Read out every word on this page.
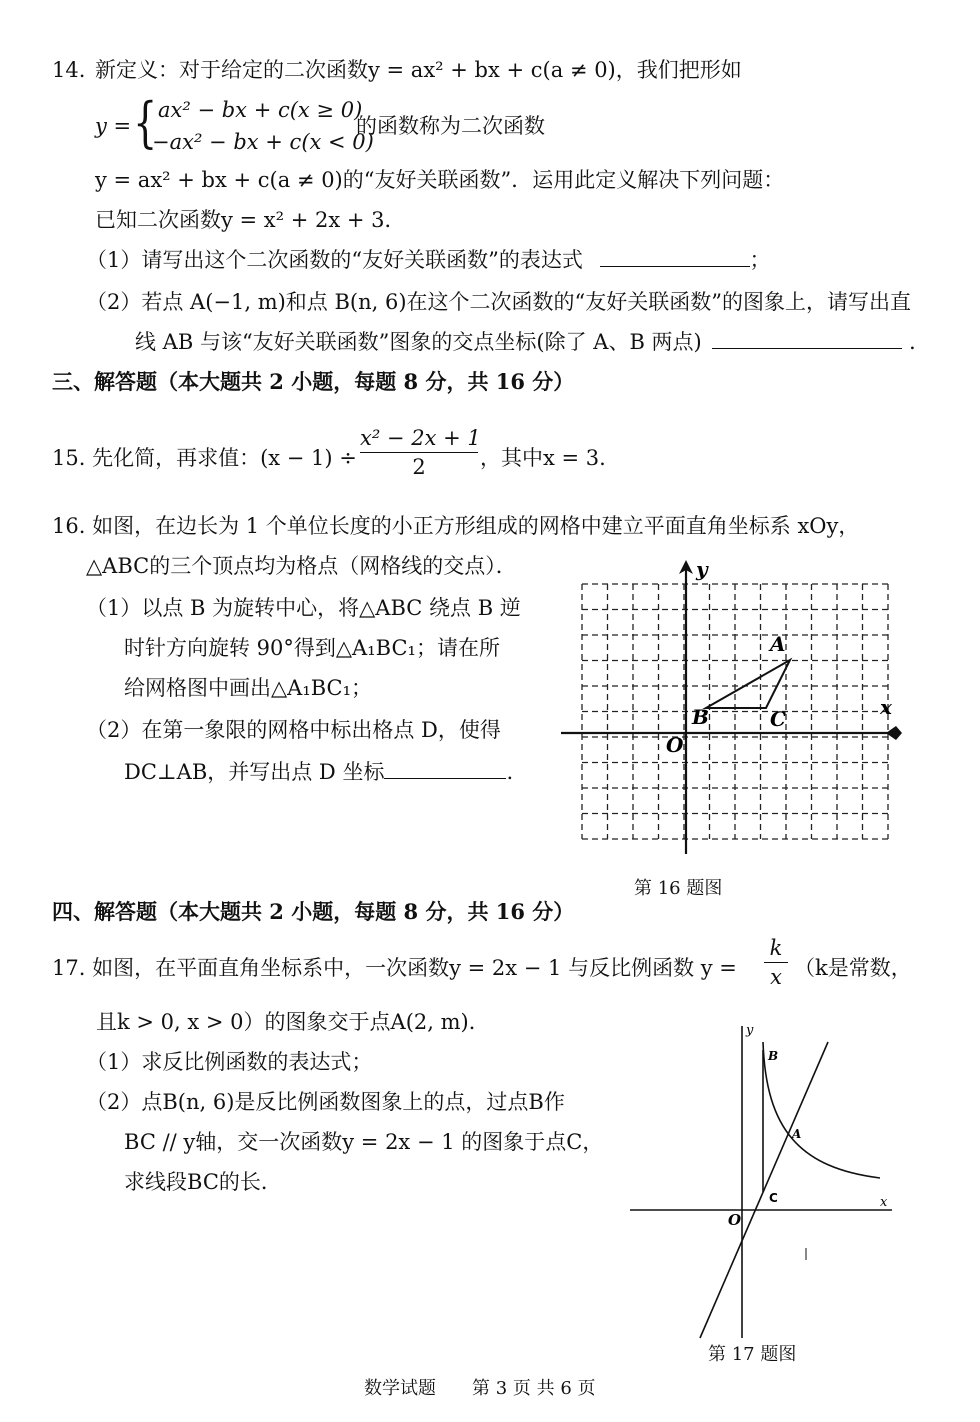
14. 新定义：对于给定的二次函数y = ax² + bx + c(a ≠ 0)，我们把形如
y = { ax² − bx + c(x ≥ 0)
−ax² − bx + c(x < 0)
的函数称为二次函数
y = ax² + bx + c(a ≠ 0)的“友好关联函数”．运用此定义解决下列问题：
已知二次函数y = x² + 2x + 3．
（1）请写出这个二次函数的“友好关联函数”的表达式	；
（2）若点 A(−1, m)和点 B(n, 6)在这个二次函数的“友好关联函数”的图象上，请写出直
线 AB 与该“友好关联函数”图象的交点坐标(除了 A、B 两点)	．
三、解答题（本大题共 2 小题，每题 8 分，共 16 分）
15. 先化简，再求值：(x − 1) ÷
x² − 2x + 1
2	，其中x = 3.
16. 如图，在边长为 1 个单位长度的小正方形组成的网格中建立平面直角坐标系 xOy，
△ABC的三个顶点均为格点（网格线的交点）．
（1）以点 B 为旋转中心，将△ABC 绕点 B 逆
时针方向旋转 90°得到△A₁BC₁；请在所
给网格图中画出△A₁BC₁；
（2）在第一象限的网格中标出格点 D，使得
DC⊥AB，并写出点 D 坐标	.
y
x
O
A
B	C
第 16 题图
四、解答题（本大题共 2 小题，每题 8 分，共 16 分）
17. 如图，在平面直角坐标系中，一次函数y = 2x − 1 与反比例函数 y =
k
x （k是常数，
且k > 0, x > 0）的图象交于点A(2, m)．
（1）求反比例函数的表达式；
（2）点B(n, 6)是反比例函数图象上的点，过点B作
BC // y轴，交一次函数y = 2x − 1 的图象于点C，
求线段BC的长．
y
x
O
A
B
C
第 17 题图
数学试题　　第 3 页 共 6 页
